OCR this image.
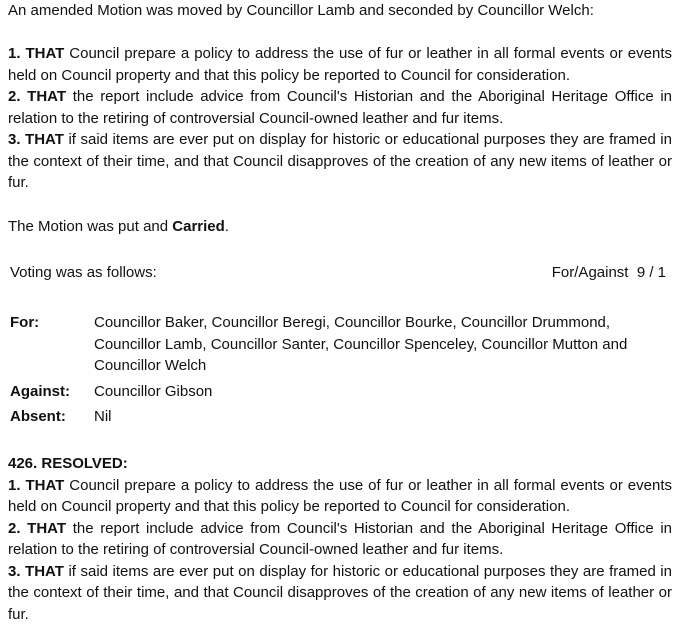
An amended Motion was moved by Councillor Lamb and seconded by Councillor Welch:

1. THAT Council prepare a policy to address the use of fur or leather in all formal events or events held on Council property and that this policy be reported to Council for consideration.

2. THAT the report include advice from Council's Historian and the Aboriginal Heritage Office in relation to the retiring of controversial Council-owned leather and fur items.

3. THAT if said items are ever put on display for historic or educational purposes they are framed in the context of their time, and that Council disapproves of the creation of any new items of leather or fur.

The Motion was put and Carried.

Voting was as follows:	For/Against 9 / 1
For:	Councillor Baker, Councillor Beregi, Councillor Bourke, Councillor Drummond, Councillor Lamb, Councillor Santer, Councillor Spenceley, Councillor Mutton and Councillor Welch
Against:	Councillor Gibson
Absent:	Nil

426. RESOLVED:

1. THAT Council prepare a policy to address the use of fur or leather in all formal events or events held on Council property and that this policy be reported to Council for consideration.

2. THAT the report include advice from Council's Historian and the Aboriginal Heritage Office in relation to the retiring of controversial Council-owned leather and fur items.

3. THAT if said items are ever put on display for historic or educational purposes they are framed in the context of their time, and that Council disapproves of the creation of any new items of leather or fur.
